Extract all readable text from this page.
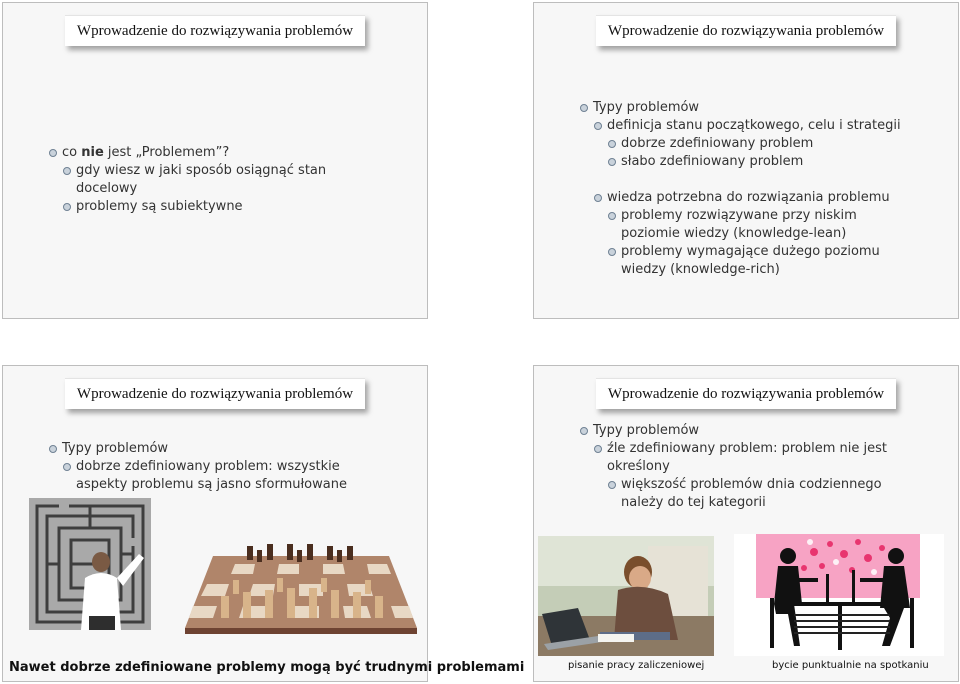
Wprowadzenie do rozwiązywania problemów
co nie jest „Problemem”?
gdy wiesz w jaki sposób osiągnąć stan
docelowy
problemy są subiektywne
Wprowadzenie do rozwiązywania problemów
Typy problemów
definicja stanu początkowego, celu i strategii
dobrze zdefiniowany problem
słabo zdefiniowany problem
wiedza potrzebna do rozwiązania problemu
problemy rozwiązywane przy niskim
poziomie wiedzy (knowledge-lean)
problemy wymagające dużego poziomu
wiedzy (knowledge-rich)
Wprowadzenie do rozwiązywania problemów
Typy problemów
dobrze zdefiniowany problem: wszystkie
aspekty problemu są jasno sformułowane
Nawet dobrze zdefiniowane problemy mogą być trudnymi problemami
Wprowadzenie do rozwiązywania problemów
Typy problemów
źle zdefiniowany problem: problem nie jest
określony
większość problemów dnia codziennego
należy do tej kategorii
pisanie pracy zaliczeniowej	bycie punktualnie na spotkaniu
